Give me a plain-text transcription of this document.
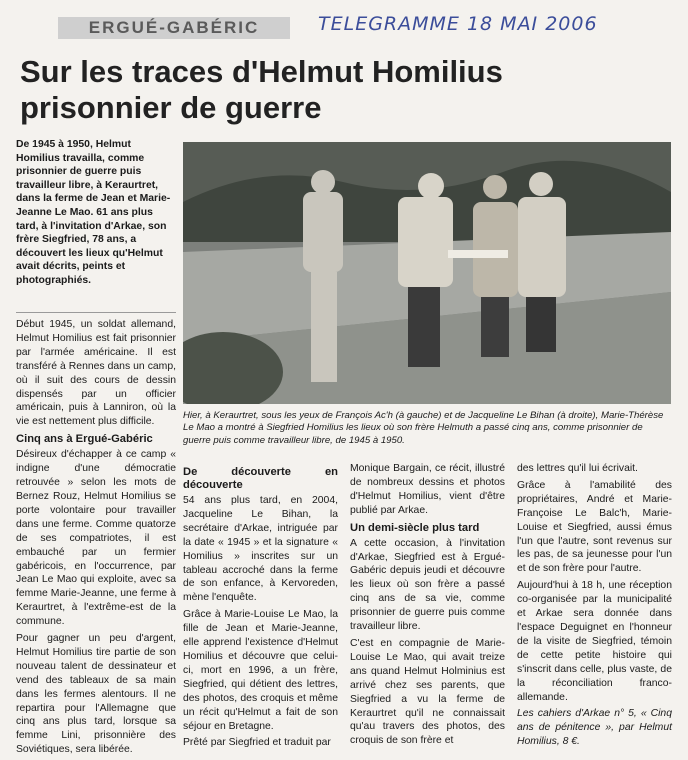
ERGUÉ-GABÉRIC	TELEGRAMME 18 MAI 2006
Sur les traces d'Helmut Homilius
prisonnier de guerre
De 1945 à 1950, Helmut Homilius travailla, comme prisonnier de guerre puis travailleur libre, à Keraurtret, dans la ferme de Jean et Marie-Jeanne Le Mao. 61 ans plus tard, à l'invitation d'Arkae, son frère Siegfried, 78 ans, a découvert les lieux qu'Helmut avait décrits, peints et photographiés.

Début 1945, un soldat allemand, Helmut Homilius est fait prisonnier par l'armée américaine. Il est transféré à Rennes dans un camp, où il suit des cours de dessin dispensés par un officier américain, puis à Lanniron, où la vie est nettement plus difficile.

Cinq ans à Ergué-Gabéric

Désireux d'échapper à ce camp « indigne d'une démocratie retrouvée » selon les mots de Bernez Rouz, Helmut Homilius se porte volontaire pour travailler dans une ferme. Comme quatorze de ses compatriotes, il est embauché par un fermier gabéricois, en l'occurrence, par Jean Le Mao qui exploite, avec sa femme Marie-Jeanne, une ferme à Keraurtret, à l'extrême-est de la commune.

Pour gagner un peu d'argent, Helmut Homilius tire partie de son nouveau talent de dessinateur et vend des tableaux de sa main dans les fermes alentours. Il ne repartira pour l'Allemagne que cinq ans plus tard, lorsque sa femme Lini, prisonnière des Soviétiques, sera libérée.

Hier, à Keraurtret, sous les yeux de François Ac'h (à gauche) et de Jacqueline Le Bihan (à droite), Marie-Thérèse Le Mao a montré à Siegfried Homilius les lieux où son frère Helmuth a passé cinq ans, comme prisonnier de guerre puis comme travailleur libre, de 1945 à 1950.
De découverte en découverte

54 ans plus tard, en 2004, Jacqueline Le Bihan, la secrétaire d'Arkae, intriguée par la date « 1945 » et la signature « Homilius » inscrites sur un tableau accroché dans la ferme de son enfance, à Kervoreden, mène l'enquête.

Grâce à Marie-Louise Le Mao, la fille de Jean et Marie-Jeanne, elle apprend l'existence d'Helmut Homilius et découvre que celui-ci, mort en 1996, a un frère, Siegfried, qui détient des lettres, des photos, des croquis et même un récit qu'Helmut a fait de son séjour en Bretagne.

Prêté par Siegfried et traduit par

Monique Bargain, ce récit, illustré de nombreux dessins et photos d'Helmut Homilius, vient d'être publié par Arkae.

Un demi-siècle plus tard

A cette occasion, à l'invitation d'Arkae, Siegfried est à Ergué-Gabéric depuis jeudi et découvre les lieux où son frère a passé cinq ans de sa vie, comme prisonnier de guerre puis comme travailleur libre.

C'est en compagnie de Marie-Louise Le Mao, qui avait treize ans quand Helmut Holminius est arrivé chez ses parents, que Siegfried a vu la ferme de Keraurtret qu'il ne connaissait qu'au travers des photos, des croquis de son frère et

des lettres qu'il lui écrivait.

Grâce à l'amabilité des propriétaires, André et Marie-Françoise Le Balc'h, Marie-Louise et Siegfried, aussi émus l'un que l'autre, sont revenus sur les pas, de sa jeunesse pour l'un et de son frère pour l'autre.

Aujourd'hui à 18 h, une réception co-organisée par la municipalité et Arkae sera donnée dans l'espace Deguignet en l'honneur de la visite de Siegfried, témoin de cette petite histoire qui s'inscrit dans celle, plus vaste, de la réconciliation franco-allemande.

Les cahiers d'Arkae n° 5, « Cinq ans de pénitence », par Helmut Homilius, 8 €.
